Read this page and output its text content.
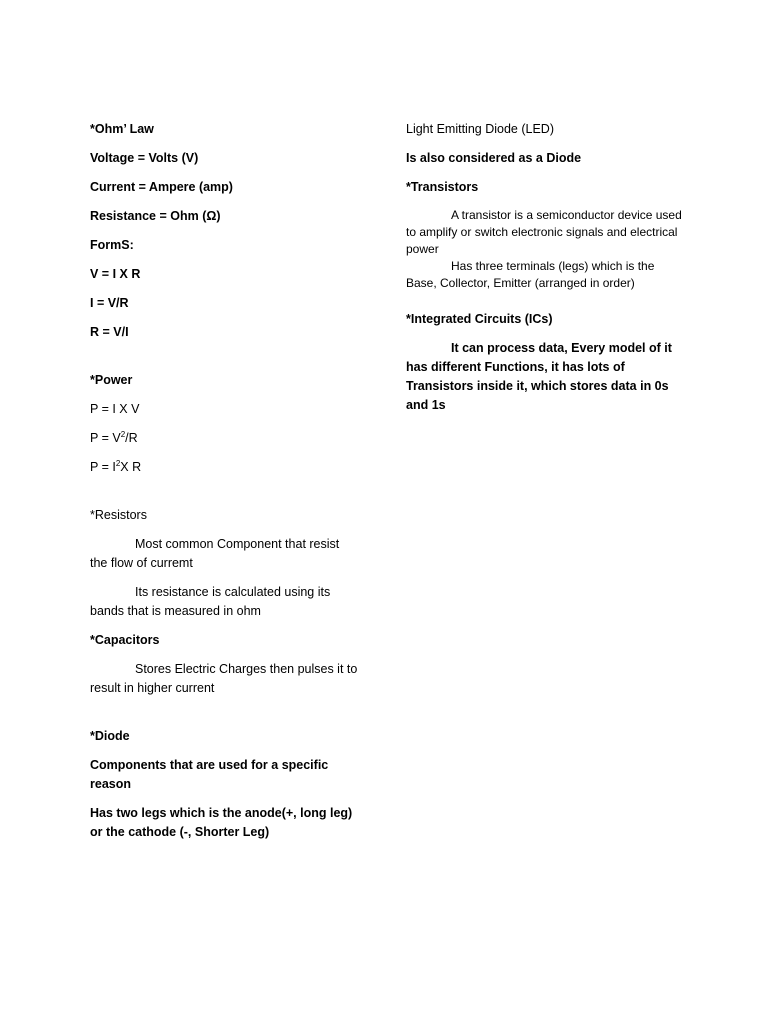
*Ohm’ Law

Voltage = Volts (V)

Current = Ampere (amp)

Resistance = Ohm (Ω)

FormS:

V = I X R

I = V/R

R = V/I

*Power

P = I X V

$P = V^2/R$

$P = I^2X$ R

*Resistors

Most common Component that resist the flow of curremt

Its resistance is calculated using its bands that is measured in ohm

*Capacitors

Stores Electric Charges then pulses it to result in higher current

*Diode

Components that are used for a specific reason

Has two legs which is the anode(+, long leg) or the cathode (-, Shorter Leg)

Light Emitting Diode (LED)

Is also considered as a Diode

*Transistors

A transistor is a semiconductor device used to amplify or switch electronic signals and electrical power

Has three terminals (legs) which is the Base, Collector, Emitter (arranged in order)

*Integrated Circuits (ICs)

It can process data, Every model of it has different Functions, it has lots of Transistors inside it, which stores data in 0s and 1s
